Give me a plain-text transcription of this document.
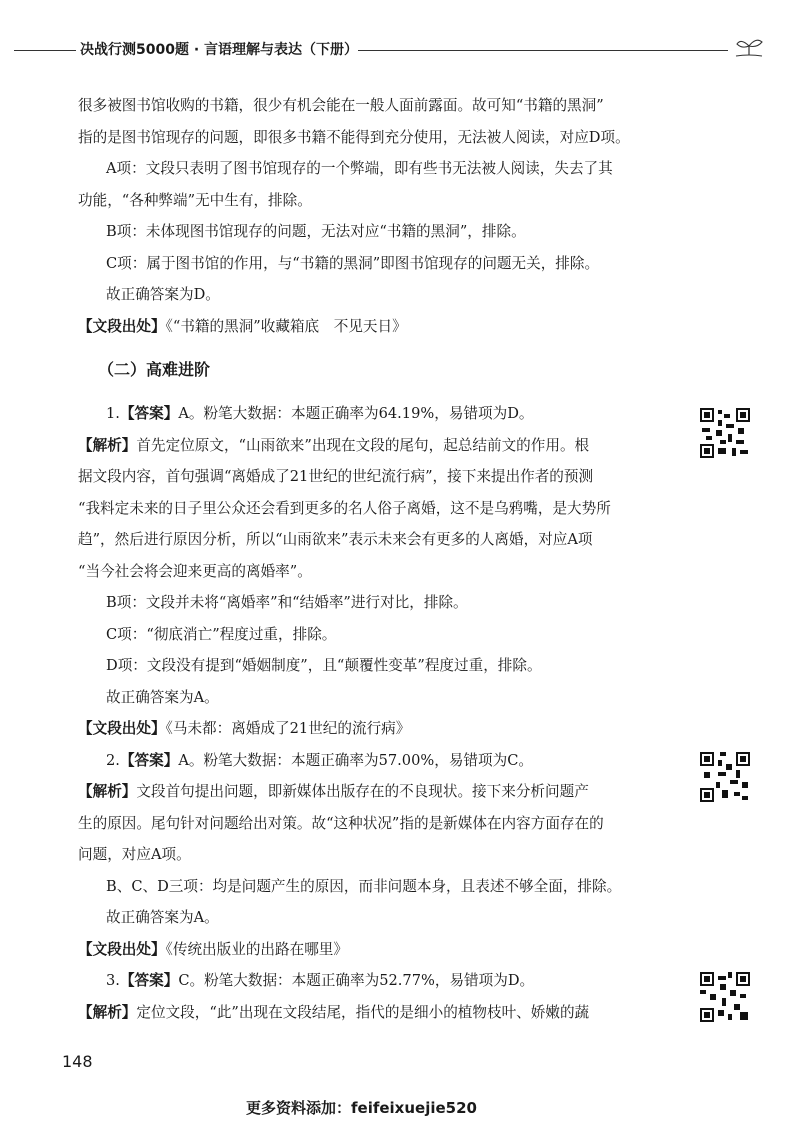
决战行测5000题 · 言语理解与表达（下册）
很多被图书馆收购的书籍，很少有机会能在一般人面前露面。故可知“书籍的黑洞”
指的是图书馆现存的问题，即很多书籍不能得到充分使用，无法被人阅读，对应D项。
A项：文段只表明了图书馆现存的一个弊端，即有些书无法被人阅读，失去了其
功能，“各种弊端”无中生有，排除。
B项：未体现图书馆现存的问题，无法对应“书籍的黑洞”，排除。
C项：属于图书馆的作用，与“书籍的黑洞”即图书馆现存的问题无关，排除。
故正确答案为D。
【文段出处】《“书籍的黑洞”收藏箱底　不见天日》
（二）高难进阶
1.【答案】A。粉笔大数据：本题正确率为64.19%，易错项为D。
【解析】首先定位原文，“山雨欲来”出现在文段的尾句，起总结前文的作用。根
据文段内容，首句强调“离婚成了21世纪的世纪流行病”，接下来提出作者的预测
“我料定未来的日子里公众还会看到更多的名人俗子离婚，这不是乌鸦嘴，是大势所
趋”，然后进行原因分析，所以“山雨欲来”表示未来会有更多的人离婚，对应A项
“当今社会将会迎来更高的离婚率”。
B项：文段并未将“离婚率”和“结婚率”进行对比，排除。
C项：“彻底消亡”程度过重，排除。
D项：文段没有提到“婚姻制度”，且“颠覆性变革”程度过重，排除。
故正确答案为A。
【文段出处】《马未都：离婚成了21世纪的流行病》
2.【答案】A。粉笔大数据：本题正确率为57.00%，易错项为C。
【解析】文段首句提出问题，即新媒体出版存在的不良现状。接下来分析问题产
生的原因。尾句针对问题给出对策。故“这种状况”指的是新媒体在内容方面存在的
问题，对应A项。
B、C、D三项：均是问题产生的原因，而非问题本身，且表述不够全面，排除。
故正确答案为A。
【文段出处】《传统出版业的出路在哪里》
3.【答案】C。粉笔大数据：本题正确率为52.77%，易错项为D。
【解析】定位文段，“此”出现在文段结尾，指代的是细小的植物枝叶、娇嫩的蔬
148
更多资料添加：feifeixuejie520
